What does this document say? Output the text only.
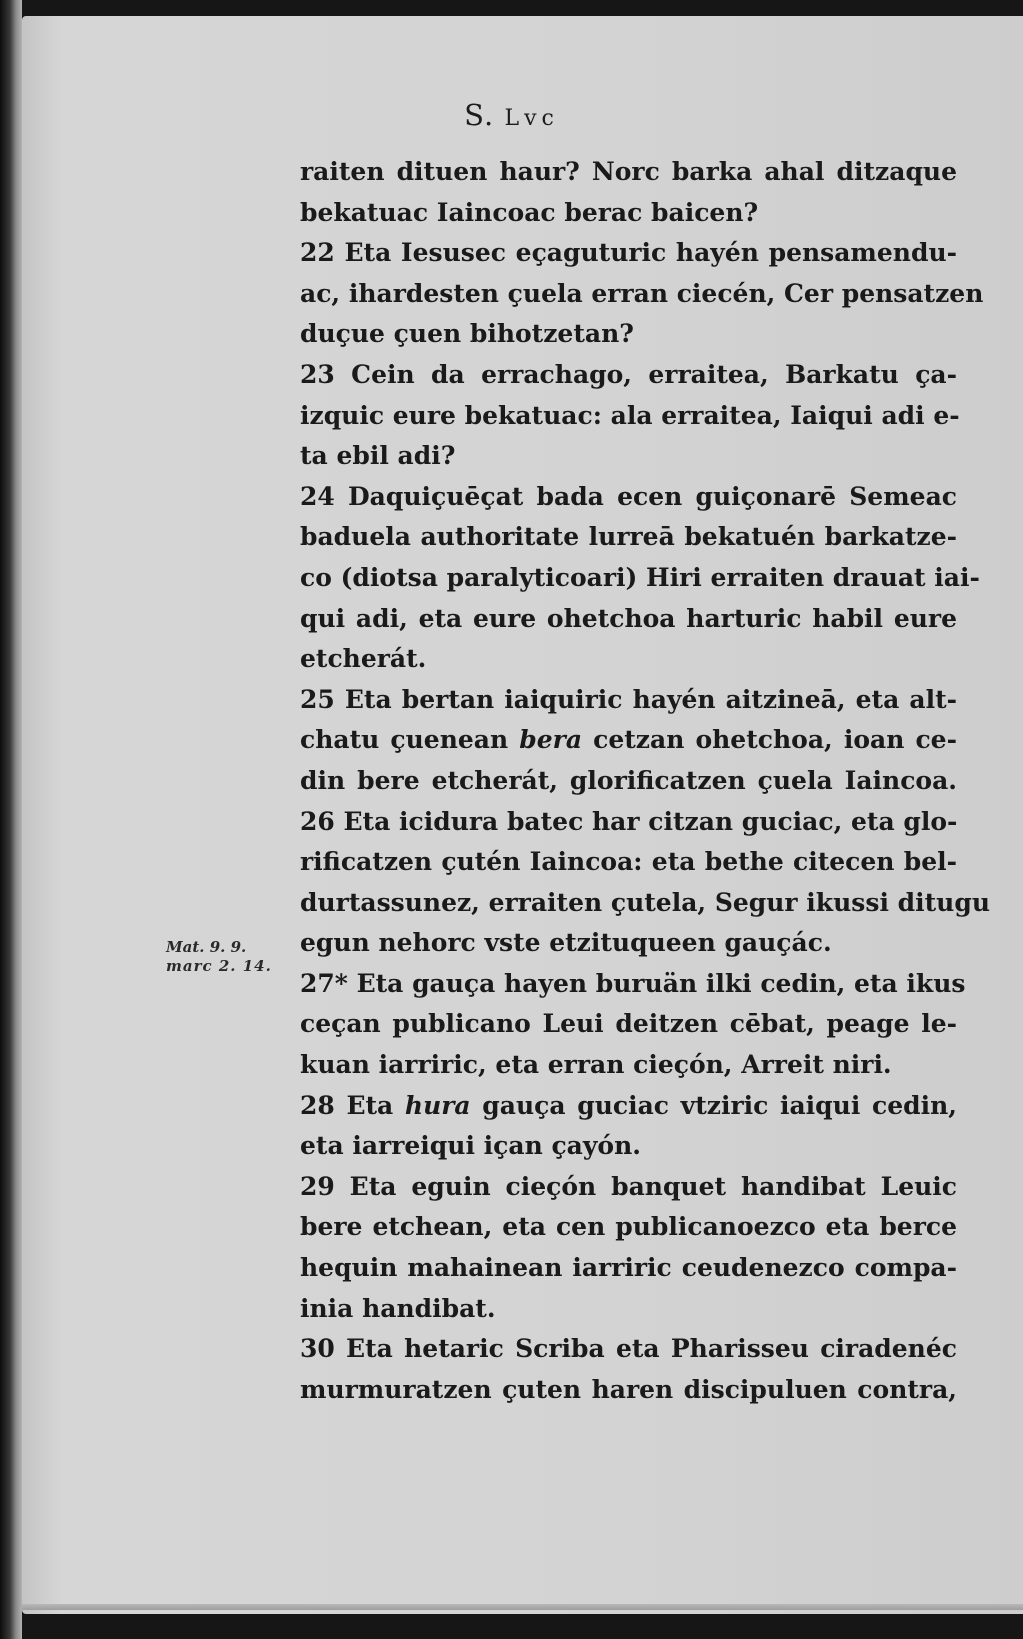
S. Lvc
Mat. 9. 9.
marc 2. 14.
raiten dituen haur? Norc barka ahal ditzaque
bekatuac Iaincoac berac baicen?
22 Eta Iesusec eçaguturic hayén pensamendu-
ac, ihardesten çuela erran ciecén, Cer pensatzen
duçue çuen bihotzetan?
23 Cein da errachago, erraitea, Barkatu ça-
izquic eure bekatuac: ala erraitea, Iaiqui adi e-
ta ebil adi?
24 Daquiçuēçat bada ecen guiçonarē Semeac
baduela authoritate lurreā bekatuén barkatze-
co (diotsa paralyticoari) Hiri erraiten drauat iai-
qui adi, eta eure ohetchoa harturic habil eure
etcherát.
25 Eta bertan iaiquiric hayén aitzineā, eta alt-
chatu çuenean bera cetzan ohetchoa, ioan ce-
din bere etcherát, glorificatzen çuela Iaincoa.
26 Eta icidura batec har citzan guciac, eta glo-
rificatzen çutén Iaincoa: eta bethe citecen bel-
durtassunez, erraiten çutela, Segur ikussi ditugu
egun nehorc vste etzituqueen gauçác.
27* Eta gauça hayen buruän ilki cedin, eta ikus
ceçan publicano Leui deitzen cēbat, peage le-
kuan iarriric, eta erran cieçón, Arreit niri.
28 Eta hura gauça guciac vtziric iaiqui cedin,
eta iarreiqui içan çayón.
29 Eta eguin cieçón banquet handibat Leuic
bere etchean, eta cen publicanoezco eta berce
hequin mahainean iarriric ceudenezco compa-
inia handibat.
30 Eta hetaric Scriba eta Pharisseu ciradenéc
murmuratzen çuten haren discipuluen contra,
